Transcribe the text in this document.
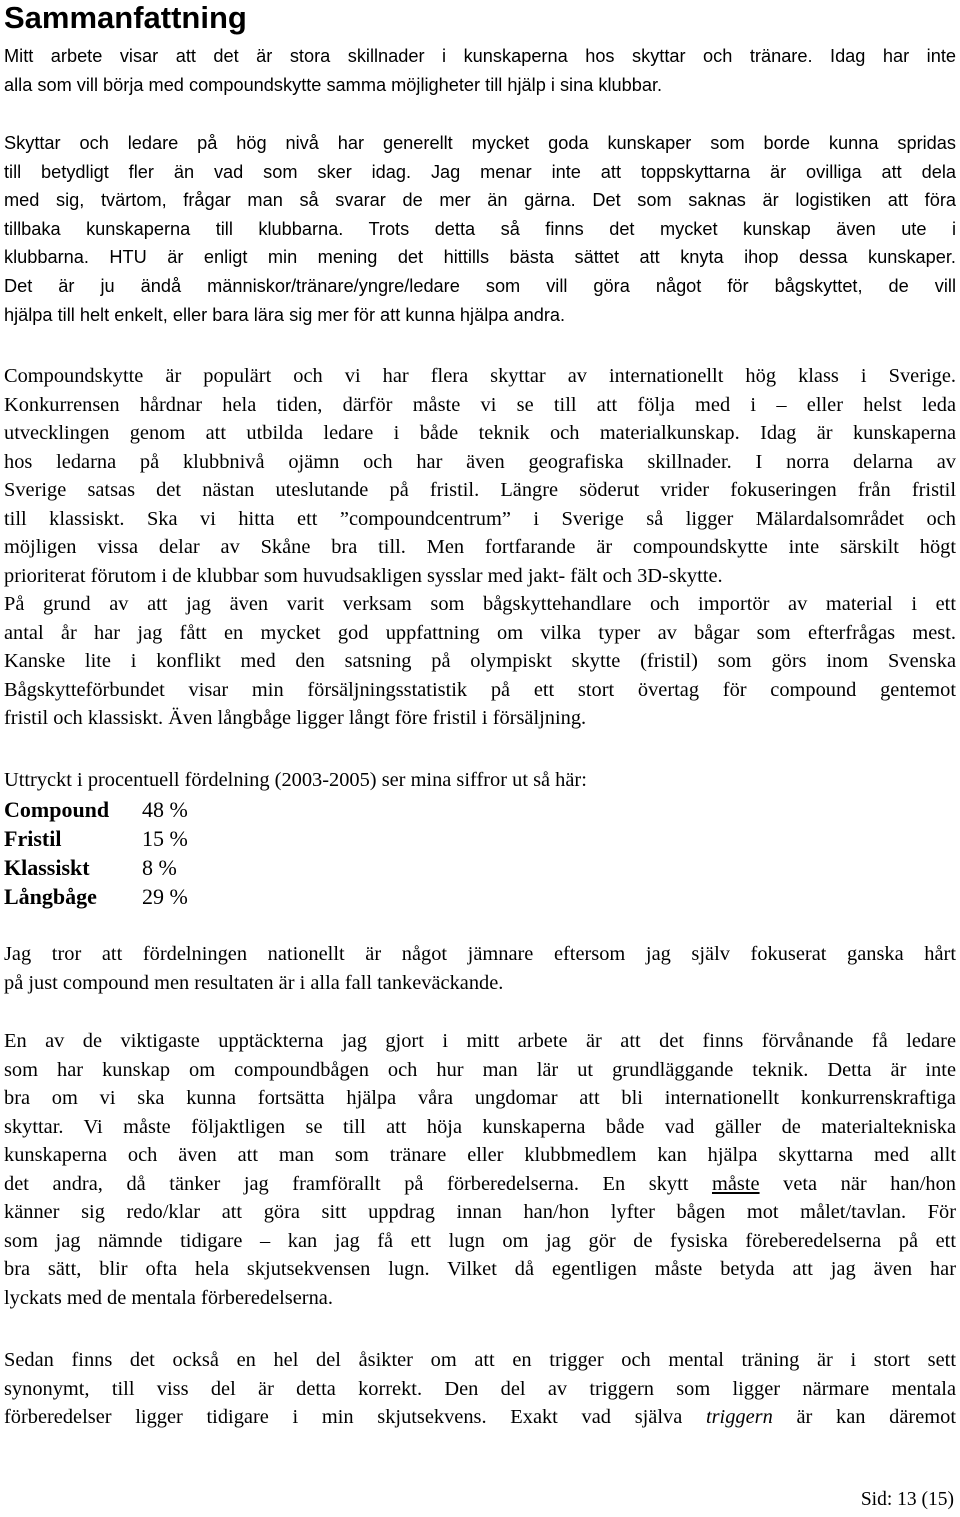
Sammanfattning
Mitt arbete visar att det är stora skillnader i kunskaperna hos skyttar och tränare. Idag har inte
alla som vill börja med compoundskytte samma möjligheter till hjälp i sina klubbar.
Skyttar och ledare på hög nivå har generellt mycket goda kunskaper som borde kunna spridas
till betydligt fler än vad som sker idag. Jag menar inte att toppskyttarna är ovilliga att dela
med sig, tvärtom, frågar man så svarar de mer än gärna. Det som saknas är logistiken att föra
tillbaka kunskaperna till klubbarna. Trots detta så finns det mycket kunskap även ute i
klubbarna. HTU är enligt min mening det hittills bästa sättet att knyta ihop dessa kunskaper.
Det är ju ändå människor/tränare/yngre/ledare som vill göra något för bågskyttet, de vill
hjälpa till helt enkelt, eller bara lära sig mer för att kunna hjälpa andra.
Compoundskytte är populärt och vi har flera skyttar av internationellt hög klass i Sverige.
Konkurrensen hårdnar hela tiden, därför måste vi se till att följa med i – eller helst leda
utvecklingen genom att utbilda ledare i både teknik och materialkunskap. Idag är kunskaperna
hos ledarna på klubbnivå ojämn och har även geografiska skillnader. I norra delarna av
Sverige satsas det nästan uteslutande på fristil. Längre söderut vrider fokuseringen från fristil
till klassiskt. Ska vi hitta ett ”compoundcentrum” i Sverige så ligger Mälardalsområdet och
möjligen vissa delar av Skåne bra till. Men fortfarande är compoundskytte inte särskilt högt
prioriterat förutom i de klubbar som huvudsakligen sysslar med jakt- fält och 3D-skytte.
På grund av att jag även varit verksam som bågskyttehandlare och importör av material i ett
antal år har jag fått en mycket god uppfattning om vilka typer av bågar som efterfrågas mest.
Kanske lite i konflikt med den satsning på olympiskt skytte (fristil) som görs inom Svenska
Bågskytteförbundet visar min försäljningsstatistik på ett stort övertag för compound gentemot
fristil och klassiskt. Även långbåge ligger långt före fristil i försäljning.
Uttryckt i procentuell fördelning (2003-2005) ser mina siffror ut så här:
Compound	48 %
Fristil	15 %
Klassiskt	8 %
Långbåge	29 %
Jag tror att fördelningen nationellt är något jämnare eftersom jag själv fokuserat ganska hårt
på just compound men resultaten är i alla fall tankeväckande.
En av de viktigaste upptäckterna jag gjort i mitt arbete är att det finns förvånande få ledare
som har kunskap om compoundbågen och hur man lär ut grundläggande teknik. Detta är inte
bra om vi ska kunna fortsätta hjälpa våra ungdomar att bli internationellt konkurrenskraftiga
skyttar. Vi måste följaktligen se till att höja kunskaperna både vad gäller de materialtekniska
kunskaperna och även att man som tränare eller klubbmedlem kan hjälpa skyttarna med allt
det andra, då tänker jag framförallt på förberedelserna. En skytt måste veta när han/hon
känner sig redo/klar att göra sitt uppdrag innan han/hon lyfter bågen mot målet/tavlan. För
som jag nämnde tidigare – kan jag få ett lugn om jag gör de fysiska föreberedelserna på ett
bra sätt, blir ofta hela skjutsekvensen lugn. Vilket då egentligen måste betyda att jag även har
lyckats med de mentala förberedelserna.
Sedan finns det också en hel del åsikter om att en trigger och mental träning är i stort sett
synonymt, till viss del är detta korrekt. Den del av triggern som ligger närmare mentala
förberedelser ligger tidigare i min skjutsekvens. Exakt vad själva triggern är kan däremot
Sid: 13 (15)
